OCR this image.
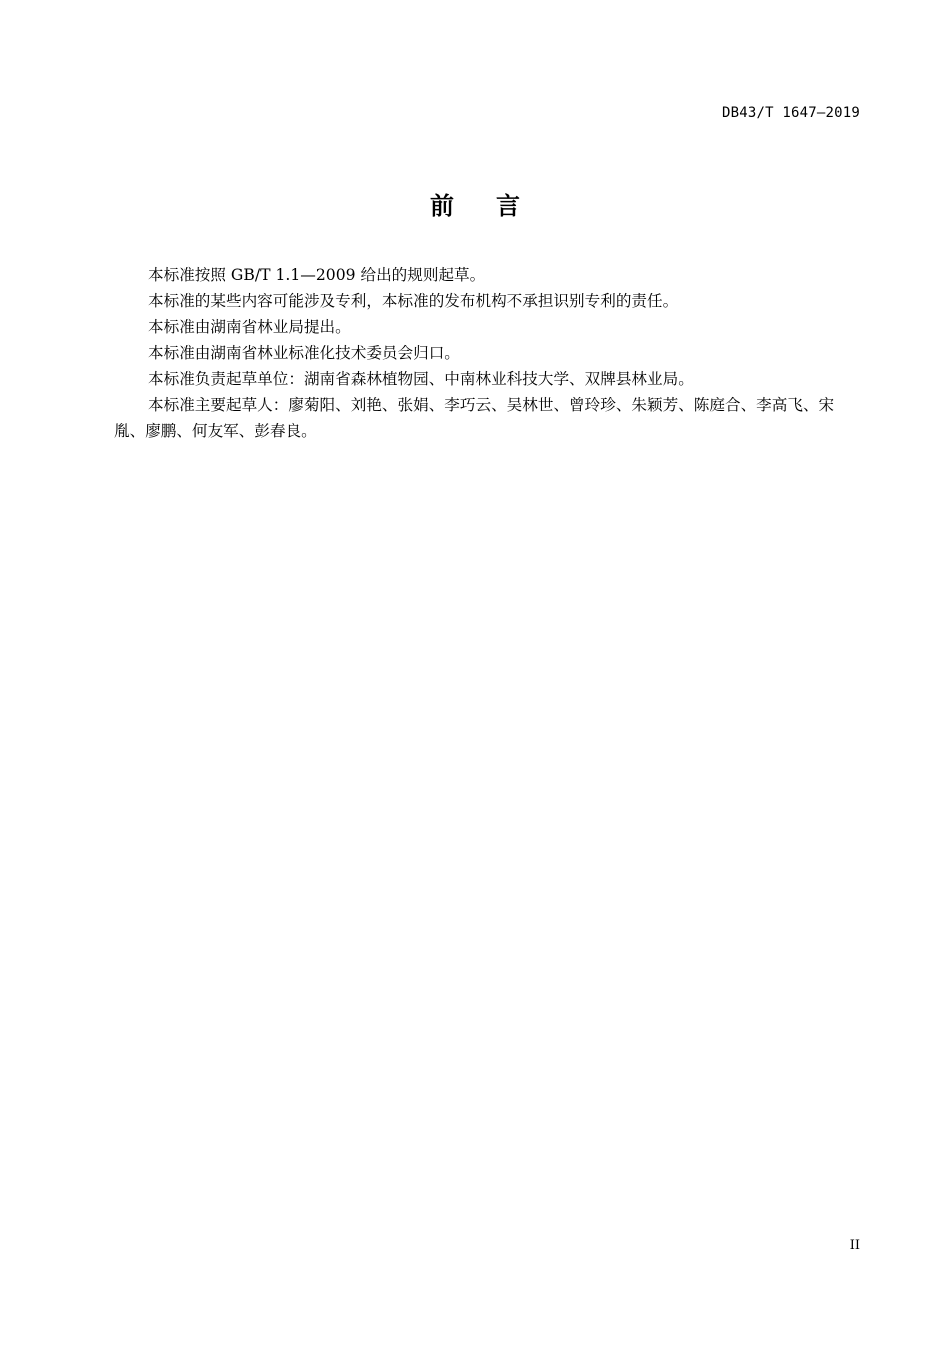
DB43/T 1647—2019
前言

本标准按照 GB/T 1.1—2009 给出的规则起草。

本标准的某些内容可能涉及专利，本标准的发布机构不承担识别专利的责任。

本标准由湖南省林业局提出。

本标准由湖南省林业标准化技术委员会归口。

本标准负责起草单位：湖南省森林植物园、中南林业科技大学、双牌县林业局。

本标准主要起草人：廖菊阳、刘艳、张娟、李巧云、吴林世、曾玲珍、朱颖芳、陈庭合、李高飞、宋胤、廖鹏、何友军、彭春良。

II
